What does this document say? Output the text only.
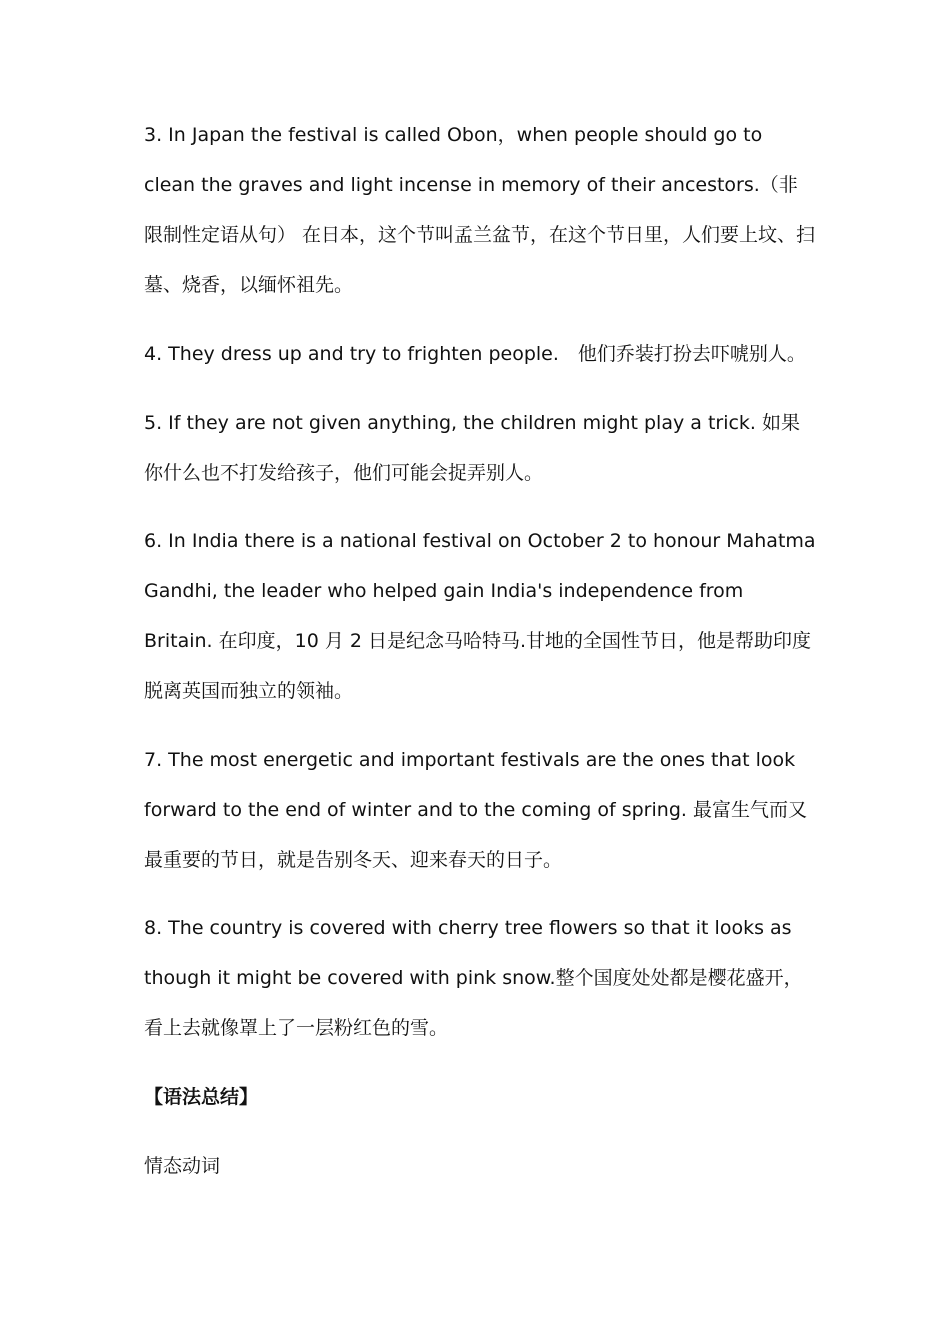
3. In Japan the festival is called Obon，when people should go to clean the graves and light incense in memory of their ancestors.（非限制性定语从句） 在日本，这个节叫孟兰盆节，在这个节日里，人们要上坟、扫墓、烧香，以缅怀祖先。

4. They dress up and try to frighten people.　他们乔装打扮去吓唬别人。

5. If they are not given anything, the children might play a trick. 如果你什么也不打发给孩子，他们可能会捉弄别人。

6. In India there is a national festival on October 2 to honour Mahatma Gandhi, the leader who helped gain India's independence from Britain. 在印度，10 月 2 日是纪念马哈特马.甘地的全国性节日，他是帮助印度脱离英国而独立的领袖。

7. The most energetic and important festivals are the ones that look forward to the end of winter and to the coming of spring. 最富生气而又最重要的节日，就是告别冬天、迎来春天的日子。

8. The country is covered with cherry tree flowers so that it looks as though it might be covered with pink snow.整个国度处处都是樱花盛开，看上去就像罩上了一层粉红色的雪。

【语法总结】

情态动词
